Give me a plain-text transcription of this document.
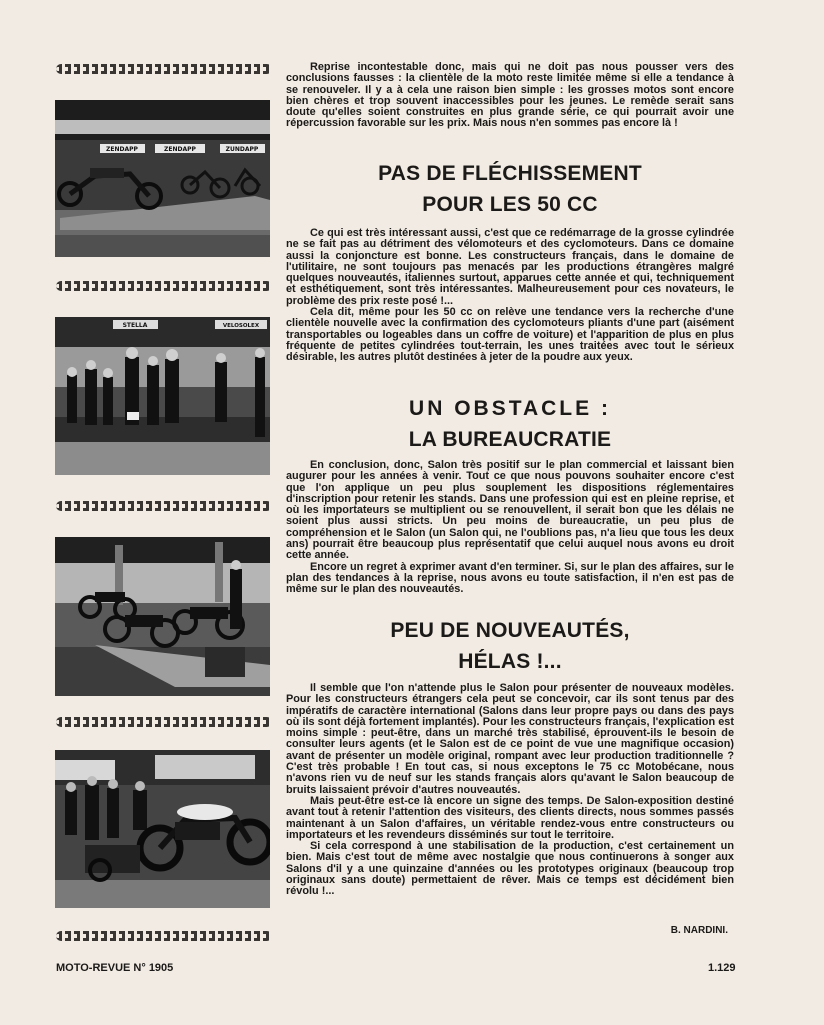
ZENDAPP	ZENDAPP	ZUNDAPP
STELLA	VELOSOLEX

Reprise incontestable donc, mais qui ne doit pas nous pousser vers des conclusions fausses : la clientèle de la moto reste limitée même si elle a tendance à se renouveler. Il y a à cela une raison bien simple : les grosses motos sont encore bien chères et trop souvent inaccessibles pour les jeunes. Le remède serait sans doute qu'elles soient construites en plus grande série, ce qui pourrait avoir une répercussion favorable sur les prix. Mais nous n'en sommes pas encore là !

PAS DE FLÉCHISSEMENT

POUR LES 50 CC

Ce qui est très intéressant aussi, c'est que ce redémarrage de la grosse cylindrée ne se fait pas au détriment des vélomoteurs et des cyclomoteurs. Dans ce domaine aussi la conjoncture est bonne. Les constructeurs français, dans le domaine de l'utilitaire, ne sont toujours pas menacés par les productions étrangères malgré quelques nouveautés, italiennes surtout, apparues cette année et qui, techniquement et esthétiquement, sont très intéressantes. Malheureusement pour ces novateurs, le problème des prix reste posé !...

Cela dit, même pour les 50 cc on relève une tendance vers la recherche d'une clientèle nouvelle avec la confirmation des cyclomoteurs pliants d'une part (aisément transportables ou logeables dans un coffre de voiture) et l'apparition de plus en plus fréquente de petites cylindrées tout-terrain, les unes traitées avec tout le sérieux désirable, les autres plutôt destinées à jeter de la poudre aux yeux.

UN OBSTACLE :

LA BUREAUCRATIE

En conclusion, donc, Salon très positif sur le plan commercial et laissant bien augurer pour les années à venir. Tout ce que nous pouvons souhaiter encore c'est que l'on applique un peu plus souplement les dispositions réglementaires d'inscription pour retenir les stands. Dans une profession qui est en pleine reprise, et où les importateurs se multiplient ou se renouvellent, il serait bon que les délais ne soient plus aussi stricts. Un peu moins de bureaucratie, un peu plus de compréhension et le Salon (un Salon qui, ne l'oublions pas, n'a lieu que tous les deux ans) pourrait être beaucoup plus représentatif que celui auquel nous avons eu droit cette année.

Encore un regret à exprimer avant d'en terminer. Si, sur le plan des affaires, sur le plan des tendances à la reprise, nous avons eu toute satisfaction, il n'en est pas de même sur le plan des nouveautés.

PEU DE NOUVEAUTÉS,

HÉLAS !...

Il semble que l'on n'attende plus le Salon pour présenter de nouveaux modèles. Pour les constructeurs étrangers cela peut se concevoir, car ils sont tenus par des impératifs de caractère international (Salons dans leur propre pays ou dans des pays où ils sont déjà fortement implantés). Pour les constructeurs français, l'explication est moins simple : peut-être, dans un marché très stabilisé, éprouvent-ils le besoin de consulter leurs agents (et le Salon est de ce point de vue une magnifique occasion) avant de présenter un modèle original, rompant avec leur production traditionnelle ? C'est très probable ! En tout cas, si nous exceptons le 75 cc Motobécane, nous n'avons rien vu de neuf sur les stands français alors qu'avant le Salon beaucoup de bruits laissaient prévoir d'autres nouveautés.

Mais peut-être est-ce là encore un signe des temps. De Salon-exposition destiné avant tout à retenir l'attention des visiteurs, des clients directs, nous sommes passés maintenant à un Salon d'affaires, un véritable rendez-vous entre constructeurs ou importateurs et les revendeurs disséminés sur tout le territoire.

Si cela correspond à une stabilisation de la production, c'est certainement un bien. Mais c'est tout de même avec nostalgie que nous continuerons à songer aux Salons d'il y a une quinzaine d'années ou les prototypes originaux (beaucoup trop originaux sans doute) permettaient de rêver. Mais ce temps est décidément bien révolu !...

B. NARDINI.
MOTO-REVUE N° 1905	1.129
